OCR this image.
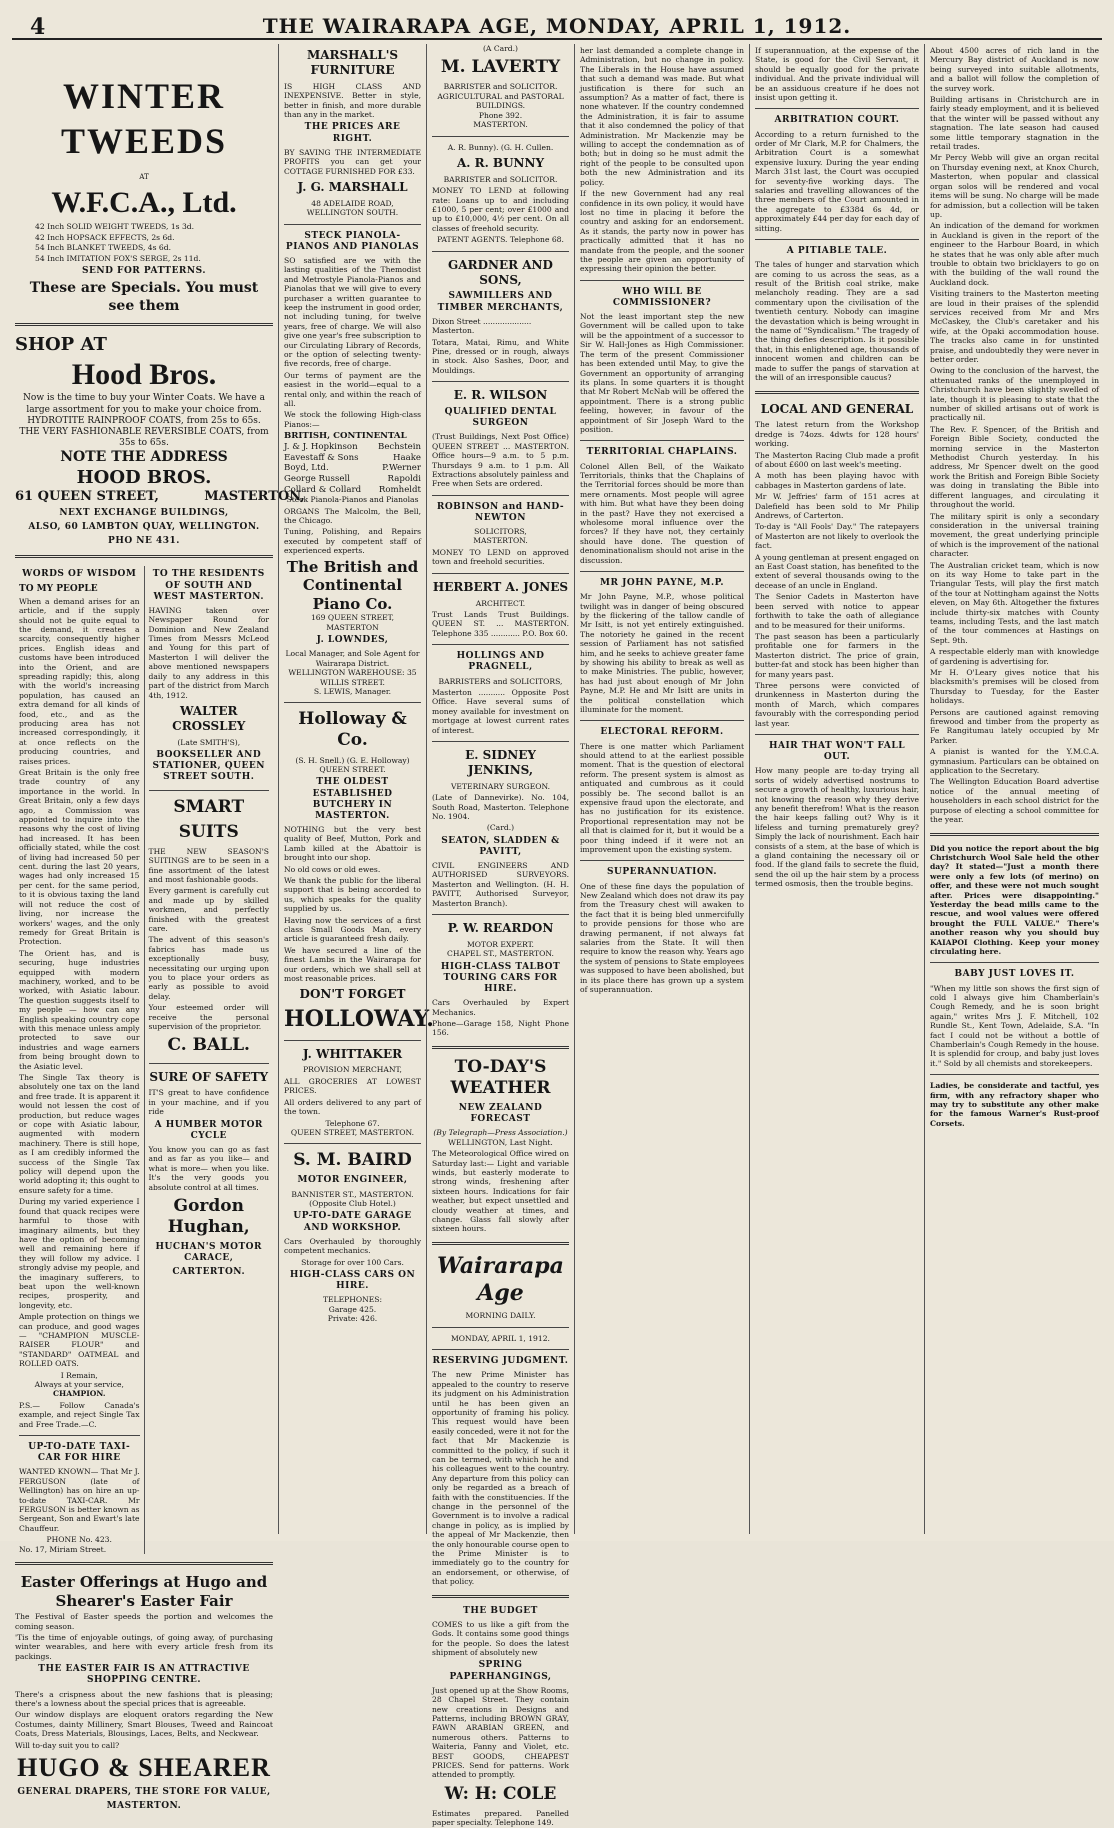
4	THE WAIRARAPA AGE, MONDAY, APRIL 1, 1912.
WINTER TWEEDS
AT
W.F.C.A., Ltd.
42 Inch SOLID WEIGHT TWEEDS, 1s 3d.
42 Inch HOPSACK EFFECTS, 2s 6d.
54 Inch BLANKET TWEEDS, 4s 6d.
54 Inch IMITATION FOX'S SERGE, 2s 11d.
SEND FOR PATTERNS.
These are Specials. You must see them
SHOP AT
Hood Bros.
Now is the time to buy your Winter Coats. We have a large assortment for you to make your choice from.
HYDROTITE RAINPROOF COATS, from 25s to 65s.
THE VERY FASHIONABLE REVERSIBLE COATS, from 35s to 65s.
NOTE THE ADDRESS
HOOD BROS.
61 QUEEN STREET,          MASTERTON,
NEXT EXCHANGE BUILDINGS,
ALSO, 60 LAMBTON QUAY, WELLINGTON.
PHO NE 431.
WORDS OF WISDOM
TO MY PEOPLE

When a demand arises for an article, and if the supply should not be quite equal to the demand, it creates a scarcity, consequently higher prices. English ideas and customs have been introduced into the Orient, and are spreading rapidly; this, along with the world's increasing population, has caused an extra demand for all kinds of food, etc., and as the producing area has not increased correspondingly, it at once reflects on the producing countries, and raises prices.

Great Britain is the only free trade country of any importance in the world. In Great Britain, only a few days ago, a Commission was appointed to inquire into the reasons why the cost of living had increased. It has been officially stated, while the cost of living had increased 50 per cent. during the last 20 years, wages had only increased 15 per cent. for the same period, to it is obvious taxing the land will not reduce the cost of living, nor increase the workers' wages, and the only remedy for Great Britain is Protection.

The Orient has, and is securing, huge industries equipped with modern machinery, worked, and to be worked, with Asiatic labour. The question suggests itself to my people — how can any English speaking country cope with this menace unless amply protected to save our industries and wage earners from being brought down to the Asiatic level.

The Single Tax theory is absolutely one tax on the land and free trade. It is apparent it would not lessen the cost of production, but reduce wages or cope with Asiatic labour, augmented with modern machinery. There is still hope, as I am credibly informed the success of the Single Tax policy will depend upon the world adopting it; this ought to ensure safety for a time.

During my varied experience I found that quack recipes were harmful to those with imaginary ailments, but they have the option of becoming well and remaining here if they will follow my advice. I strongly advise my people, and the imaginary sufferers, to beat upon the well-known recipes, prosperity, and longevity, etc.

Ample protection on things we can produce, and good wages — "CHAMPION MUSCLE-RAISER FLOUR" and "STANDARD" OATMEAL and ROLLED OATS.

I Remain,
Always at your service,
CHAMPION.

P.S.— Follow Canada's example, and reject Single Tax and Free Trade.—C.

UP-TO-DATE TAXI-CAR FOR HIRE

WANTED KNOWN— That Mr J. FERGUSON (late of Wellington) has on hire an up-to-date TAXI-CAR. Mr FERGUSON is better known as Sergeant, Son and Ewart's late Chauffeur.

PHONE No. 423.
No. 17, Miriam Street.
TO THE RESIDENTS OF SOUTH AND WEST MASTERTON.

HAVING taken over Newspaper Round for Dominion and New Zealand Times from Messrs McLeod and Young for this part of Masterton I will deliver the above mentioned newspapers daily to any address in this part of the district from March 4th, 1912.

WALTER CROSSLEY
(Late SMITH'S),
BOOKSELLER AND STATIONER, QUEEN STREET SOUTH.
SMART
SUITS

THE NEW SEASON'S SUITINGS are to be seen in a fine assortment of the latest and most fashionable goods.

Every garment is carefully cut and made up by skilled workmen, and perfectly finished with the greatest care.

The advent of this season's fabrics has made us exceptionally busy, necessitating our urging upon you to place your orders as early as possible to avoid delay.

Your esteemed order will receive the personal supervision of the proprietor.

C. BALL.
SURE OF SAFETY

IT'S great to have confidence in your machine, and if you ride

A HUMBER MOTOR CYCLE

You know you can go as fast and as far as you like— and what is more— when you like. It's the very goods you absolute control at all times.

Gordon Hughan,
HUCHAN'S MOTOR CARACE,
CARTERTON.
Easter Offerings at Hugo and Shearer's Easter Fair

The Festival of Easter speeds the portion and welcomes the coming season.

'Tis the time of enjoyable outings, of going away, of purchasing winter wearables, and here with every article fresh from its packings.

THE EASTER FAIR IS AN ATTRACTIVE SHOPPING CENTRE.

There's a crispness about the new fashions that is pleasing; there's a lowness about the special prices that is agreeable.

Our window displays are eloquent orators regarding the New Costumes, dainty Millinery, Smart Blouses, Tweed and Raincoat Coats, Dress Materials, Blousings, Laces, Belts, and Neckwear.

Will to-day suit you to call?

HUGO & SHEARER
GENERAL DRAPERS, THE STORE FOR VALUE,
MASTERTON.
MARSHALL'S FURNITURE

IS HIGH CLASS AND INEXPENSIVE. Better in style, better in finish, and more durable than any in the market.

THE PRICES ARE RIGHT.

BY SAVING THE INTERMEDIATE PROFITS you can get your COTTAGE FURNISHED FOR £33.

J. G. MARSHALL
48 ADELAIDE ROAD,
WELLINGTON SOUTH.
STECK PIANOLA-PIANOS AND PIANOLAS

SO satisfied are we with the lasting qualities of the Themodist and Metrostyle Pianola-Pianos and Pianolas that we will give to every purchaser a written guarantee to keep the instrument in good order, not including tuning, for twelve years, free of charge. We will also give one year's free subscription to our Circulating Library of Records, or the option of selecting twenty-five records, free of charge.

Our terms of payment are the easiest in the world—equal to a rental only, and within the reach of all.

We stock the following High-class Pianos:—

BRITISH, CONTINENTAL
J. & J. Hopkinson Bechstein
Eavestaff & Sons	Haake
Boyd, Ltd.	P.Werner
George Russell	Rapoldi
Collard & Collard Romheldt
Steck Pianola-Pianos and Pianolas

ORGANS The Malcolm, the Bell, the Chicago.

Tuning, Polishing, and Repairs executed by competent staff of experienced experts.

The British and Continental Piano Co.
169 QUEEN STREET, MASTERTON
J. LOWNDES,
Local Manager, and Sole Agent for Wairarapa District.
WELLINGTON WAREHOUSE: 35 WILLIS STREET.
S. LEWIS, Manager.
Holloway & Co.
(S. H. Snell.) (G. E. Holloway)
QUEEN STREET.
THE OLDEST ESTABLISHED BUTCHERY IN MASTERTON.

NOTHING but the very best quality of Beef, Mutton, Pork and Lamb killed at the Abattoir is brought into our shop.

No old cows or old ewes.

We thank the public for the liberal support that is being accorded to us, which speaks for the quality supplied by us.

Having now the services of a first class Small Goods Man, every article is guaranteed fresh daily.

We have secured a line of the finest Lambs in the Wairarapa for our orders, which we shall sell at most reasonable prices.

DON'T FORGET
HOLLOWAY.
J. WHITTAKER
PROVISION MERCHANT,

ALL GROCERIES AT LOWEST PRICES.

All orders delivered to any part of the town.

Telephone 67.
QUEEN STREET, MASTERTON.
S. M. BAIRD
MOTOR ENGINEER,
BANNISTER ST., MASTERTON. (Opposite Club Hotel.)
UP-TO-DATE GARAGE AND WORKSHOP.

Cars Overhauled by thoroughly competent mechanics.

Storage for over 100 Cars.
HIGH-CLASS CARS ON HIRE.
TELEPHONES:
Garage 425.
Private: 426.
(A Card.)
M. LAVERTY
BARRISTER and SOLICITOR.
AGRICULTURAL and PASTORAL BUILDINGS.
Phone 392.
MASTERTON.
A. R. Bunny). (G. H. Cullen.
A. R. BUNNY
BARRISTER and SOLICITOR.

MONEY TO LEND at following rate: Loans up to and including £1000, 5 per cent; over £1000 and up to £10,000, 4½ per cent. On all classes of freehold security.

PATENT AGENTS. Telephone 68.
GARDNER AND SONS,
SAWMILLERS AND TIMBER MERCHANTS,
Dixon Street .................... Masterton.

Totara, Matai, Rimu, and White Pine, dressed or in rough, always in stock. Also Sashes, Door, and Mouldings.

E. R. WILSON
QUALIFIED DENTAL SURGEON

(Trust Buildings, Next Post Office) QUEEN STREET ... MASTERTON. Office hours—9 a.m. to 5 p.m. Thursdays 9 a.m. to 1 p.m. All Extractions absolutely painless and Free when Sets are ordered.

ROBINSON and HAND-NEWTON
SOLICITORS,
MASTERTON.

MONEY TO LEND on approved town and freehold securities.

HERBERT A. JONES
ARCHITECT.

Trust Lands Trust Buildings. QUEEN ST. ... MASTERTON. Telephone 335 ............ P.O. Box 60.

HOLLINGS AND PRAGNELL,
BARRISTERS and SOLICITORS,

Masterton ........... Opposite Post Office. Have several sums of money available for investment on mortgage at lowest current rates of interest.

E. SIDNEY JENKINS,
VETERINARY SURGEON.

(Late of Dannevirke). No. 104, South Road, Masterton. Telephone No. 1904.

(Card.)
SEATON, SLADDEN & PAVITT,

CIVIL ENGINEERS AND AUTHORISED SURVEYORS. Masterton and Wellington. (H. H. PAVITT, Authorised Surveyor, Masterton Branch).

P. W. REARDON
MOTOR EXPERT.
CHAPEL ST., MASTERTON.
HIGH-CLASS TALBOT TOURING CARS FOR HIRE.

Cars Overhauled by Expert Mechanics.

Phone—Garage 158, Night Phone 156.

TO-DAY'S WEATHER
NEW ZEALAND FORECAST
(By Telegraph—Press Association.)
WELLINGTON, Last Night.

The Meteorological Office wired on Saturday last:— Light and variable winds, but easterly moderate to strong winds, freshening after sixteen hours. Indications for fair weather, but expect unsettled and cloudy weather at times, and change. Glass fall slowly after sixteen hours.

Wairarapa Age
MORNING DAILY.
MONDAY, APRIL 1, 1912.
RESERVING JUDGMENT.

The new Prime Minister has appealed to the country to reserve its judgment on his Administration until he has been given an opportunity of framing his policy. This request would have been easily conceded, were it not for the fact that Mr Mackenzie is committed to the policy, if such it can be termed, with which he and his colleagues went to the country. Any departure from this policy can only be regarded as a breach of faith with the constituencies. If the change in the personnel of the Government is to involve a radical change in policy, as is implied by the appeal of Mr Mackenzie, then the only honourable course open to the Prime Minister is to immediately go to the country for an endorsement, or otherwise, of that policy.

THE BUDGET

COMES to us like a gift from the Gods. It contains some good things for the people. So does the latest shipment of absolutely new

SPRING PAPERHANGINGS,

Just opened up at the Show Rooms, 28 Chapel Street. They contain new creations in Designs and Patterns, including BROWN GRAY, FAWN ARABIAN GREEN, and numerous others. Patterns to Waiteria, Fanny and Violet, etc. BEST GOODS, CHEAPEST PRICES. Send for patterns. Work attended to promptly.

W: H: COLE

Estimates prepared. Panelled paper specialty. Telephone 149.

her last demanded a complete change in Administration, but no change in policy. The Liberals in the House have assumed that such a demand was made. But what justification is there for such an assumption? As a matter of fact, there is none whatever. If the country condemned the Administration, it is fair to assume that it also condemned the policy of that Administration. Mr Mackenzie may be willing to accept the condemnation as of both; but in doing so he must admit the right of the people to be consulted upon both the new Administration and its policy.

If the new Government had any real confidence in its own policy, it would have lost no time in placing it before the country and asking for an endorsement. As it stands, the party now in power has practically admitted that it has no mandate from the people, and the sooner the people are given an opportunity of expressing their opinion the better.

WHO WILL BE COMMISSIONER?

Not the least important step the new Government will be called upon to take will be the appointment of a successor to Sir W. Hall-Jones as High Commissioner. The term of the present Commissioner has been extended until May, to give the Government an opportunity of arranging its plans. In some quarters it is thought that Mr Robert McNab will be offered the appointment. There is a strong public feeling, however, in favour of the appointment of Sir Joseph Ward to the position.

TERRITORIAL CHAPLAINS.

Colonel Allen Bell, of the Waikato Territorials, thinks that the Chaplains of the Territorial forces should be more than mere ornaments. Most people will agree with him. But what have they been doing in the past? Have they not exercised a wholesome moral influence over the forces? If they have not, they certainly should have done. The question of denominationalism should not arise in the discussion.

MR JOHN PAYNE, M.P.

Mr John Payne, M.P., whose political twilight was in danger of being obscured by the flickering of the tallow candle of Mr Isitt, is not yet entirely extinguished. The notoriety he gained in the recent session of Parliament has not satisfied him, and he seeks to achieve greater fame by showing his ability to break as well as to make Ministries. The public, however, has had just about enough of Mr John Payne, M.P. He and Mr Isitt are units in the political constellation which illuminate for the moment.

ELECTORAL REFORM.

There is one matter which Parliament should attend to at the earliest possible moment. That is the question of electoral reform. The present system is almost as antiquated and cumbrous as it could possibly be. The second ballot is an expensive fraud upon the electorate, and has no justification for its existence. Proportional representation may not be all that is claimed for it, but it would be a poor thing indeed if it were not an improvement upon the existing system.

SUPERANNUATION.

One of these fine days the population of New Zealand which does not draw its pay from the Treasury chest will awaken to the fact that it is being bled unmercifully to provide pensions for those who are drawing permanent, if not always fat salaries from the State. It will then require to know the reason why. Years ago the system of pensions to State employees was supposed to have been abolished, but in its place there has grown up a system of superannuation.

If superannuation, at the expense of the State, is good for the Civil Servant, it should be equally good for the private individual. And the private individual will be an assiduous creature if he does not insist upon getting it.

ARBITRATION COURT.

According to a return furnished to the order of Mr Clark, M.P. for Chalmers, the Arbitration Court is a somewhat expensive luxury. During the year ending March 31st last, the Court was occupied for seventy-five working days. The salaries and travelling allowances of the three members of the Court amounted in the aggregate to £3384 6s 4d, or approximately £44 per day for each day of sitting.

A PITIABLE TALE.

The tales of hunger and starvation which are coming to us across the seas, as a result of the British coal strike, make melancholy reading. They are a sad commentary upon the civilisation of the twentieth century. Nobody can imagine the devastation which is being wrought in the name of "Syndicalism." The tragedy of the thing defies description. Is it possible that, in this enlightened age, thousands of innocent women and children can be made to suffer the pangs of starvation at the will of an irresponsible caucus?

LOCAL AND GENERAL

The latest return from the Workshop dredge is 74ozs. 4dwts for 128 hours' working.

The Masterton Racing Club made a profit of about £600 on last week's meeting.

A moth has been playing havoc with cabbages in Masterton gardens of late.

Mr W. Jeffries' farm of 151 acres at Dalefield has been sold to Mr Philip Andrews, of Carterton.

To-day is "All Fools' Day." The ratepayers of Masterton are not likely to overlook the fact.

A young gentleman at present engaged on an East Coast station, has benefited to the extent of several thousands owing to the decease of an uncle in England.

The Senior Cadets in Masterton have been served with notice to appear forthwith to take the oath of allegiance and to be measured for their uniforms.

The past season has been a particularly profitable one for farmers in the Masterton district. The price of grain, butter-fat and stock has been higher than for many years past.

Three persons were convicted of drunkenness in Masterton during the month of March, which compares favourably with the corresponding period last year.

HAIR THAT WON'T FALL OUT.

How many people are to-day trying all sorts of widely advertised nostrums to secure a growth of healthy, luxurious hair, not knowing the reason why they derive any benefit therefrom! What is the reason the hair keeps falling out? Why is it lifeless and turning prematurely grey? Simply the lack of nourishment. Each hair consists of a stem, at the base of which is a gland containing the necessary oil or food. If the gland fails to secrete the fluid, send the oil up the hair stem by a process termed osmosis, then the trouble begins.

About 4500 acres of rich land in the Mercury Bay district of Auckland is now being surveyed into suitable allotments, and a ballot will follow the completion of the survey work.

Building artisans in Christchurch are in fairly steady employment, and it is believed that the winter will be passed without any stagnation. The late season had caused some little temporary stagnation in the retail trades.

Mr Percy Webb will give an organ recital on Thursday evening next, at Knox Church, Masterton, when popular and classical organ solos will be rendered and vocal items will be sung. No charge will be made for admission, but a collection will be taken up.

An indication of the demand for workmen in Auckland is given in the report of the engineer to the Harbour Board, in which he states that he was only able after much trouble to obtain two bricklayers to go on with the building of the wall round the Auckland dock.

Visiting trainers to the Masterton meeting are loud in their praises of the splendid services received from Mr and Mrs McCaskey, the Club's caretaker and his wife, at the Opaki accommodation house. The tracks also came in for unstinted praise, and undoubtedly they were never in better order.

Owing to the conclusion of the harvest, the attenuated ranks of the unemployed in Christchurch have been slightly swelled of late, though it is pleasing to state that the number of skilled artisans out of work is practically nil.

The Rev. F. Spencer, of the British and Foreign Bible Society, conducted the morning service in the Masterton Methodist Church yesterday. In his address, Mr Spencer dwelt on the good work the British and Foreign Bible Society was doing in translating the Bible into different languages, and circulating it throughout the world.

The military spirit is only a secondary consideration in the universal training movement, the great underlying principle of which is the improvement of the national character.

The Australian cricket team, which is now on its way Home to take part in the Triangular Tests, will play the first match of the tour at Nottingham against the Notts eleven, on May 6th. Altogether the fixtures include thirty-six matches with County teams, including Tests, and the last match of the tour commences at Hastings on Sept. 9th.

A respectable elderly man with knowledge of gardening is advertising for.

Mr H. O'Leary gives notice that his blacksmith's premises will be closed from Thursday to Tuesday, for the Easter holidays.

Persons are cautioned against removing firewood and timber from the property as Fe Rangitumau lately occupied by Mr Parker.

A pianist is wanted for the Y.M.C.A. gymnasium. Particulars can be obtained on application to the Secretary.

The Wellington Education Board advertise notice of the annual meeting of householders in each school district for the purpose of electing a school committee for the year.

Did you notice the report about the big Christchurch Wool Sale held the other day? It stated—"Just a month there were only a few lots (of merino) on offer, and these were not much sought after. Prices were disappointing." Yesterday the bead mills came to the rescue, and wool values were offered brought the FULL VALUE." There's another reason why you should buy KAIAPOI Clothing. Keep your money circulating here.

BABY JUST LOVES IT.

"When my little son shows the first sign of cold I always give him Chamberlain's Cough Remedy, and he is soon bright again," writes Mrs J. F. Mitchell, 102 Rundle St., Kent Town, Adelaide, S.A. "In fact I could not be without a bottle of Chamberlain's Cough Remedy in the house. It is splendid for croup, and baby just loves it." Sold by all chemists and storekeepers.

Ladies, be considerate and tactful, yes firm, with any refractory shaper who may try to substitute any other make for the famous Warner's Rust-proof Corsets.
